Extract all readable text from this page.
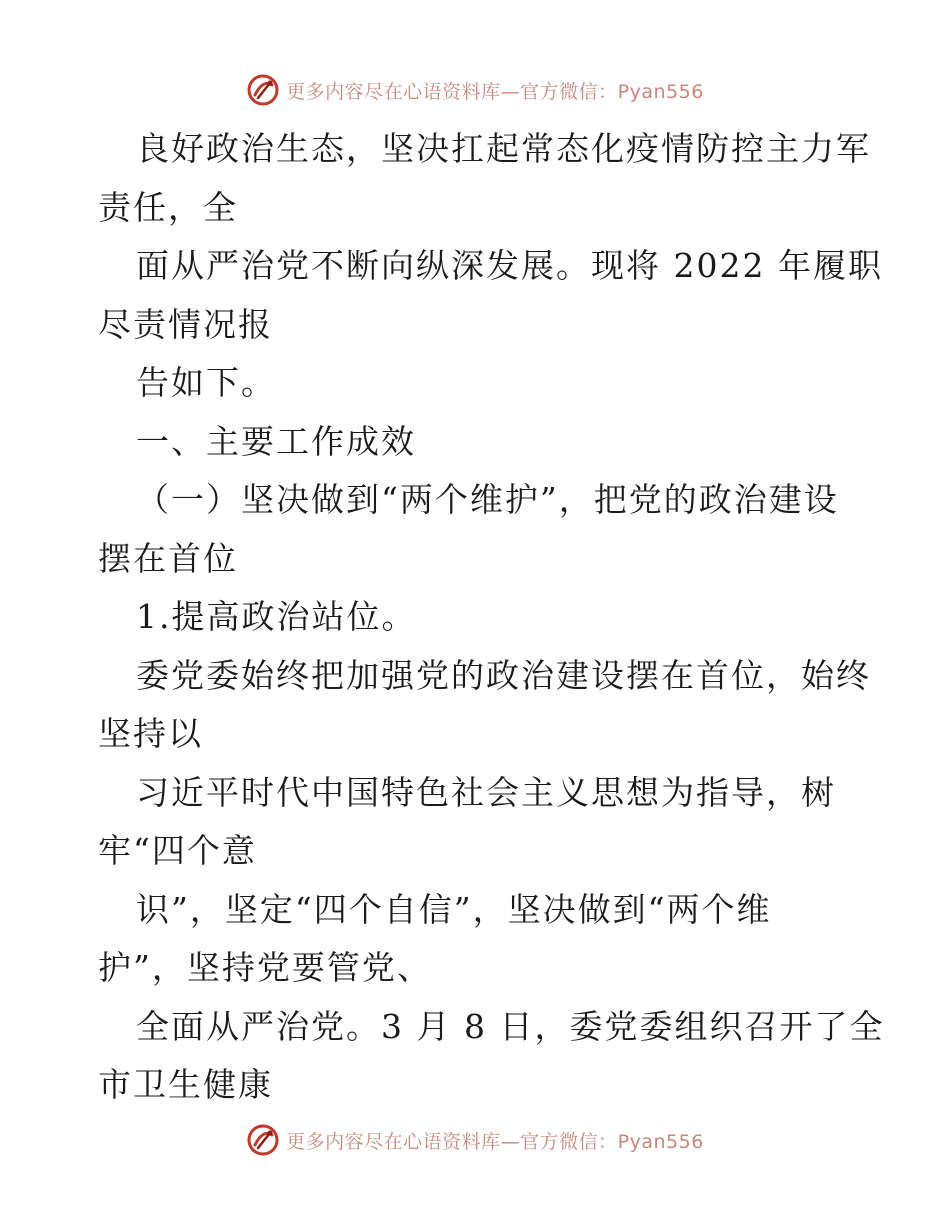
更多内容尽在心语资料库—官方微信：Pyan556
良好政治生态，坚决扛起常态化疫情防控主力军
责任，全
面从严治党不断向纵深发展。现将 2022 年履职
尽责情况报
告如下。
一、主要工作成效
（一）坚决做到“两个维护”，把党的政治建设
摆在首位
1.提高政治站位。
委党委始终把加强党的政治建设摆在首位，始终
坚持以
习近平时代中国特色社会主义思想为指导，树
牢“四个意
识”，坚定“四个自信”，坚决做到“两个维
护”，坚持党要管党、
全面从严治党。3 月 8 日，委党委组织召开了全
市卫生健康
更多内容尽在心语资料库—官方微信：Pyan556
